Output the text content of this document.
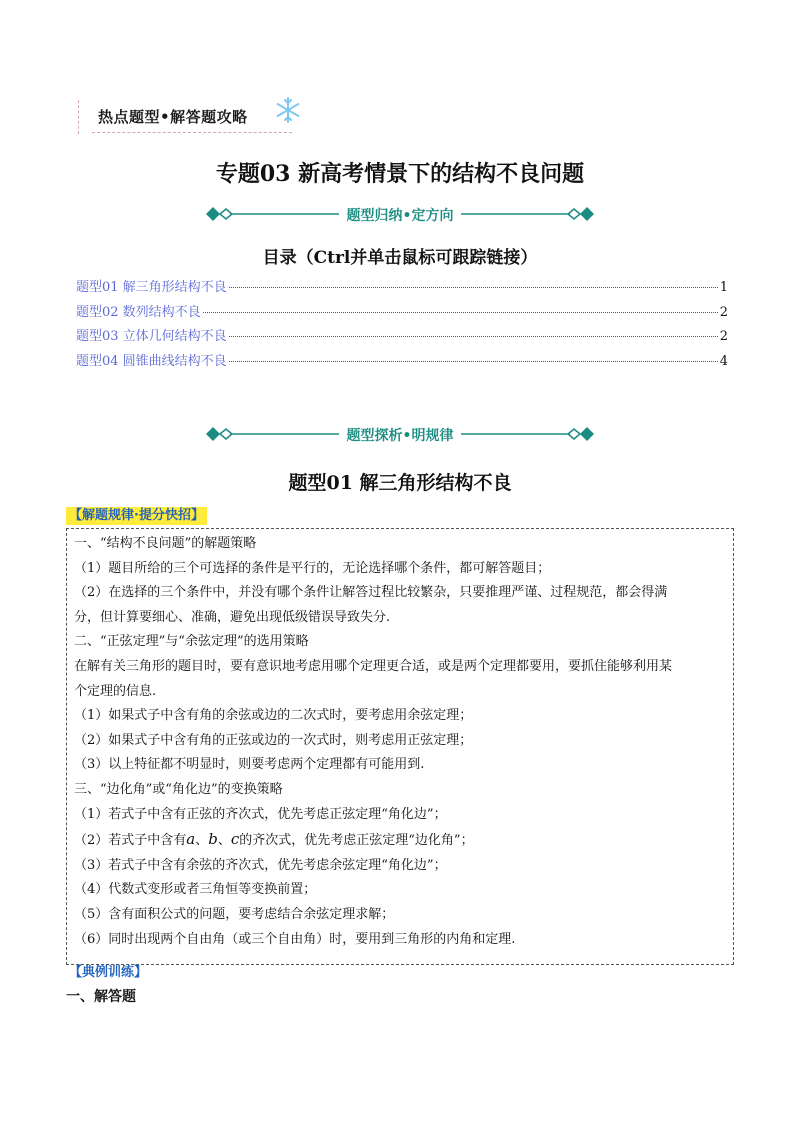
热点题型•解答题攻略
专题03 新高考情景下的结构不良问题
题型归纳•定方向
目录（Ctrl并单击鼠标可跟踪链接）
题型01 解三角形结构不良	1
题型02 数列结构不良	2
题型03 立体几何结构不良	2
题型04 圆锥曲线结构不良	4
题型探析•明规律
题型01 解三角形结构不良
【解题规律·提分快招】
一、“结构不良问题”的解题策略
（1）题目所给的三个可选择的条件是平行的，无论选择哪个条件，都可解答题目；
（2）在选择的三个条件中，并没有哪个条件让解答过程比较繁杂，只要推理严谨、过程规范，都会得满
分，但计算要细心、准确，避免出现低级错误导致失分.
二、“正弦定理”与“余弦定理”的选用策略
在解有关三角形的题目时，要有意识地考虑用哪个定理更合适，或是两个定理都要用，要抓住能够利用某
个定理的信息.
（1）如果式子中含有角的余弦或边的二次式时，要考虑用余弦定理；
（2）如果式子中含有角的正弦或边的一次式时，则考虑用正弦定理；
（3）以上特征都不明显时，则要考虑两个定理都有可能用到.
三、“边化角”或“角化边”的变换策略
（1）若式子中含有正弦的齐次式，优先考虑正弦定理“角化边”；
（2）若式子中含有a、b、c的齐次式，优先考虑正弦定理“边化角”；
（3）若式子中含有余弦的齐次式，优先考虑余弦定理“角化边”；
（4）代数式变形或者三角恒等变换前置；
（5）含有面积公式的问题，要考虑结合余弦定理求解；
（6）同时出现两个自由角（或三个自由角）时，要用到三角形的内角和定理.
【典例训练】
一、解答题
